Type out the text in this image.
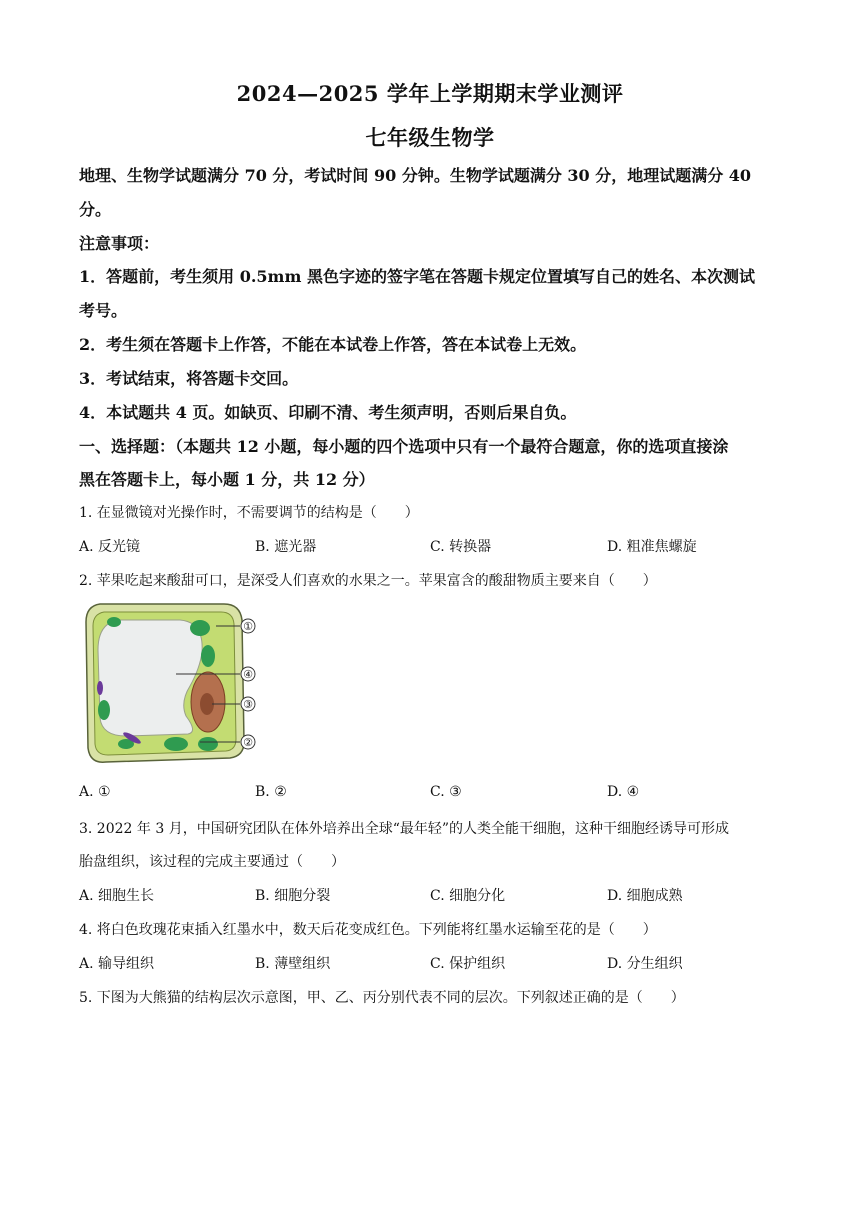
2024—2025 学年上学期期末学业测评
七年级生物学
地理、生物学试题满分 70 分，考试时间 90 分钟。生物学试题满分 30 分，地理试题满分 40
分。
注意事项：
1．答题前，考生须用 0.5mm 黑色字迹的签字笔在答题卡规定位置填写自己的姓名、本次测试
考号。
2．考生须在答题卡上作答，不能在本试卷上作答，答在本试卷上无效。
3．考试结束，将答题卡交回。
4．本试题共 4 页。如缺页、印刷不清、考生须声明，否则后果自负。
一、选择题：（本题共 12 小题，每小题的四个选项中只有一个最符合题意，你的选项直接涂
黑在答题卡上，每小题 1 分，共 12 分）
1. 在显微镜对光操作时，不需要调节的结构是（　　）
A. 反光镜	B. 遮光器	C. 转换器	D. 粗准焦螺旋
2. 苹果吃起来酸甜可口，是深受人们喜欢的水果之一。苹果富含的酸甜物质主要来自（　　）
①
④
③
②
A. ①	B. ②	C. ③	D. ④
3. 2022 年 3 月，中国研究团队在体外培养出全球“最年轻”的人类全能干细胞，这种干细胞经诱导可形成
胎盘组织，该过程的完成主要通过（　　）
A. 细胞生长	B. 细胞分裂	C. 细胞分化	D. 细胞成熟
4. 将白色玫瑰花束插入红墨水中，数天后花变成红色。下列能将红墨水运输至花的是（　　）
A. 输导组织	B. 薄壁组织	C. 保护组织	D. 分生组织
5. 下图为大熊猫的结构层次示意图，甲、乙、丙分别代表不同的层次。下列叙述正确的是（　　）
